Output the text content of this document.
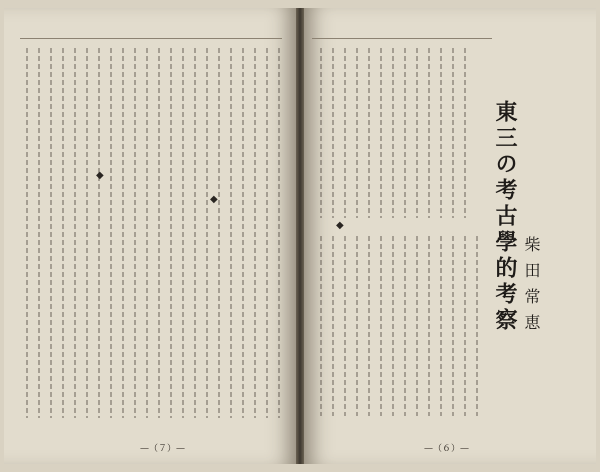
◆
◆
—（７）—
◆	東三の考古學的考察 柴田常恵
—（６）—
